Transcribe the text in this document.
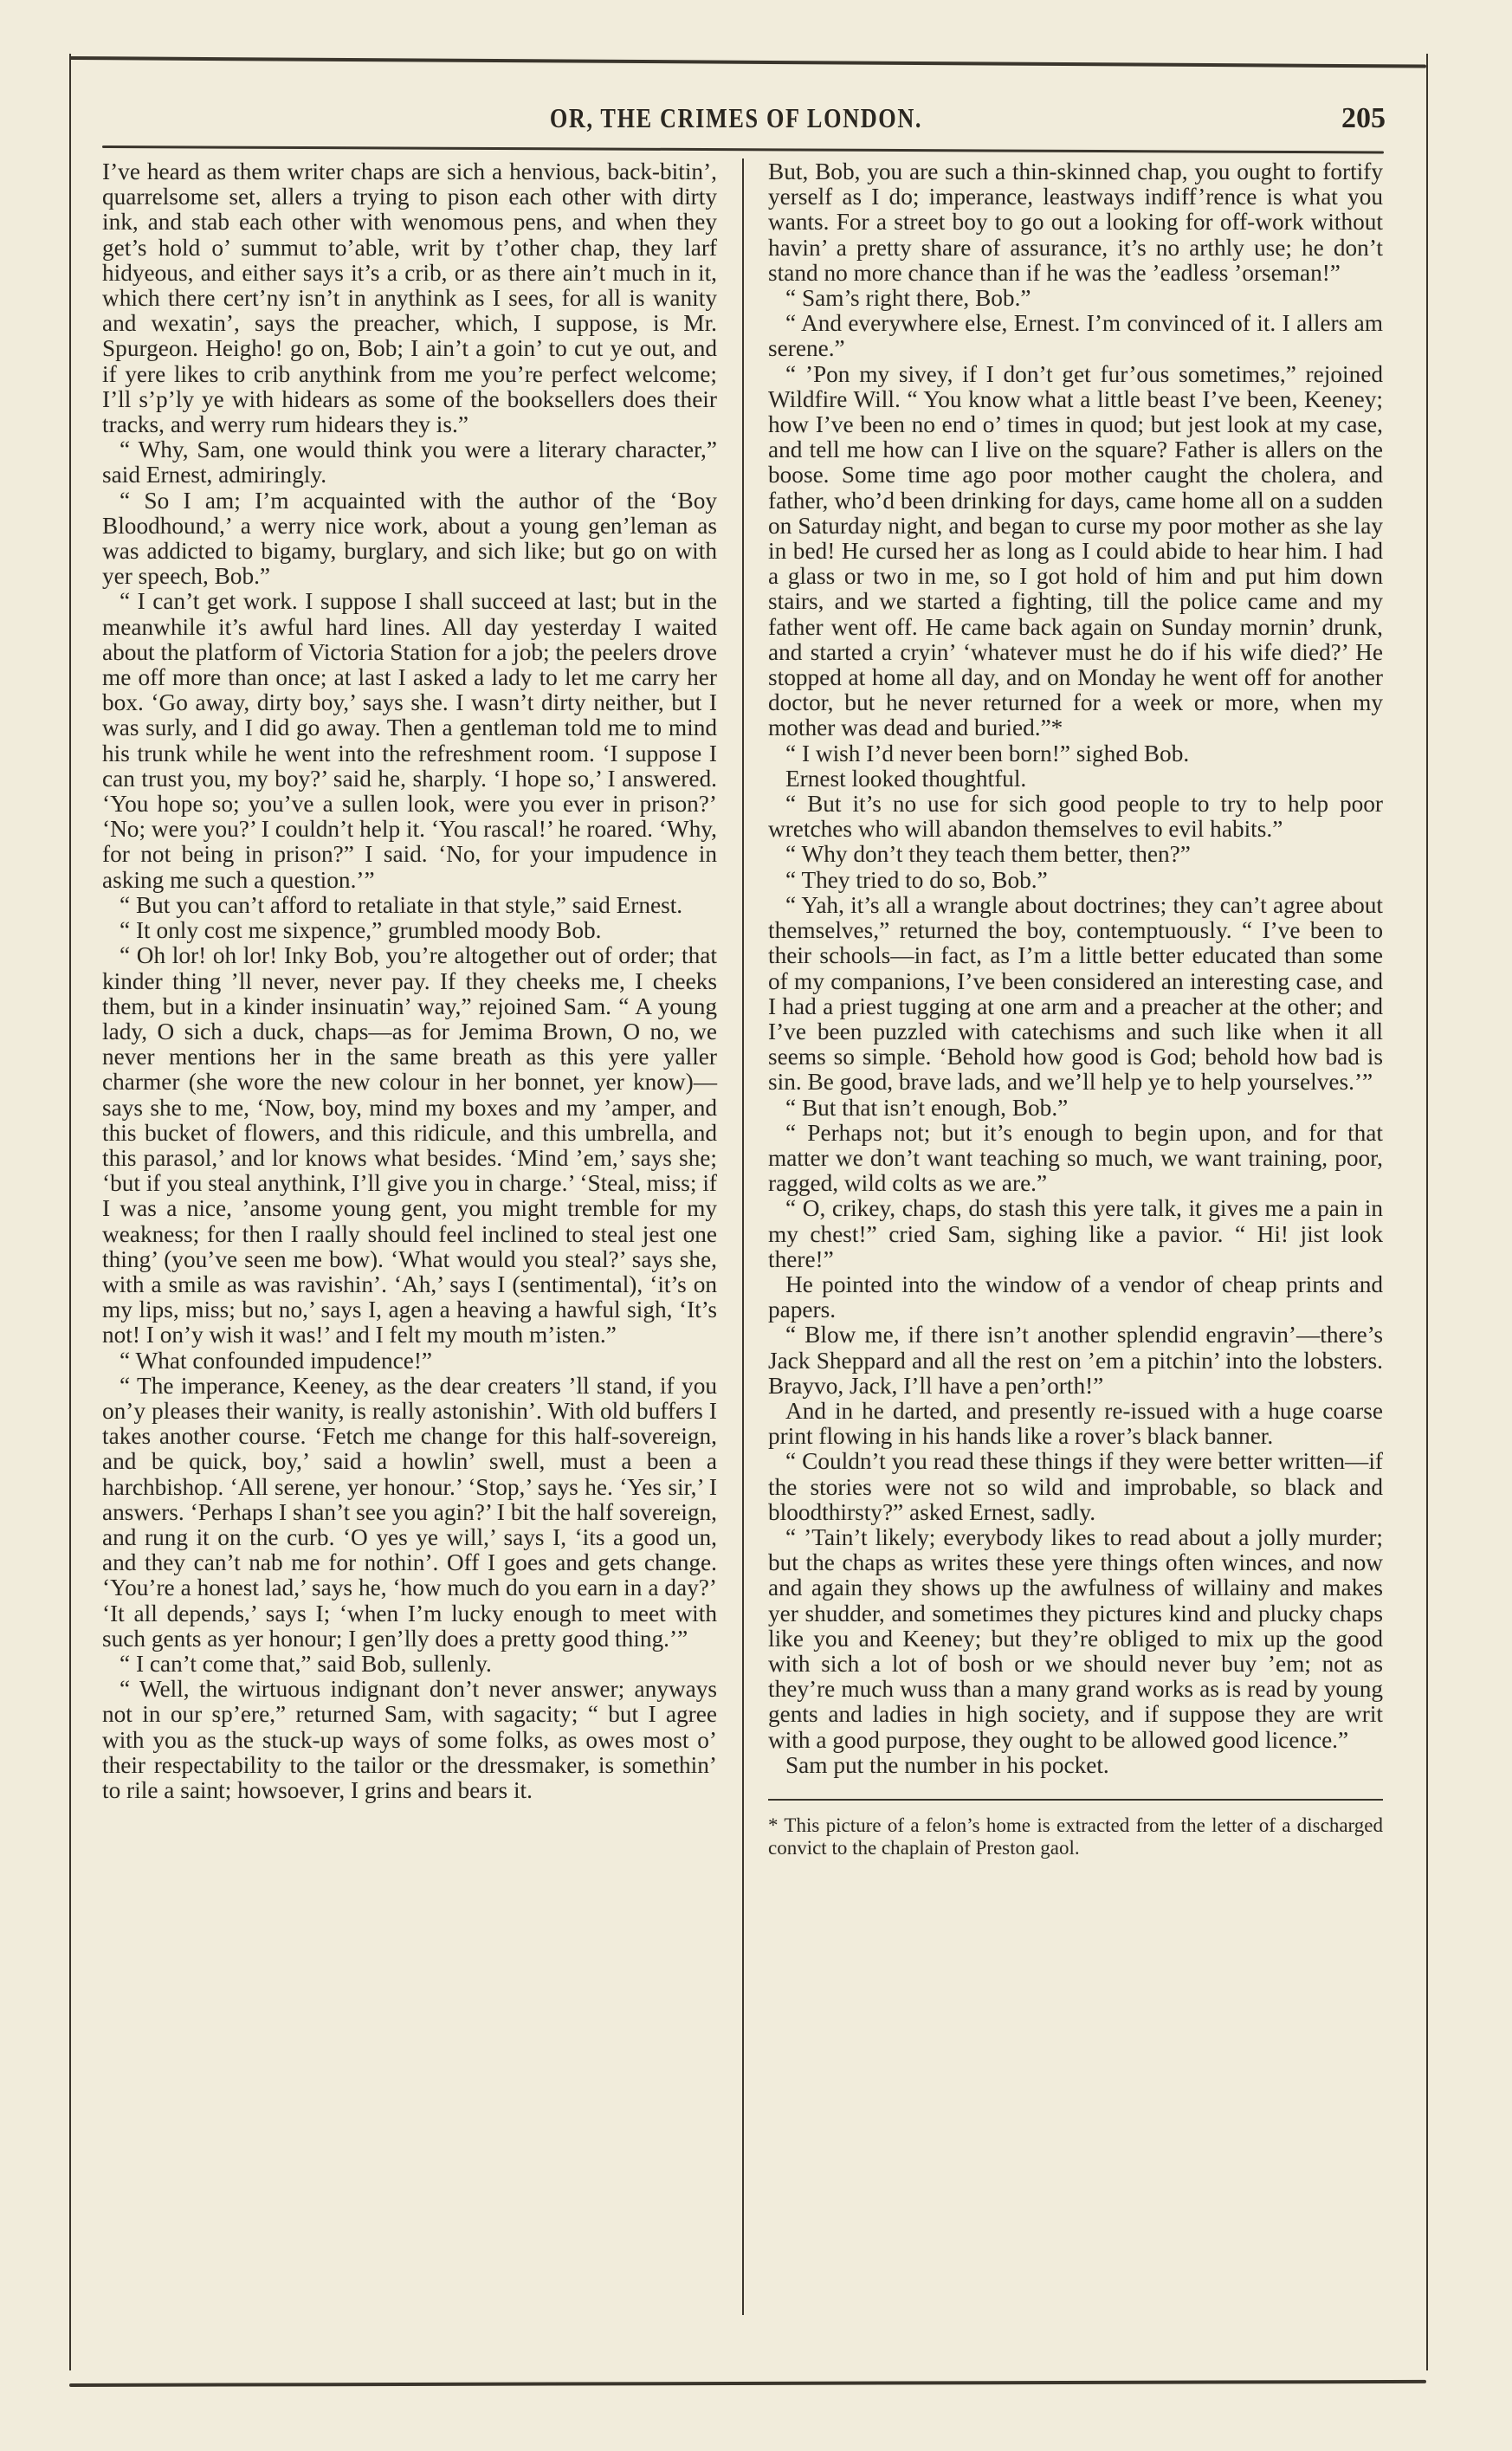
OR, THE CRIMES OF LONDON.	205

I’ve heard as them writer chaps are sich a henvious, back-bitin’, quarrelsome set, allers a trying to pison each other with dirty ink, and stab each other with wenomous pens, and when they get’s hold o’ summut to’able, writ by t’other chap, they larf hidyeous, and either says it’s a crib, or as there ain’t much in it, which there cert’ny isn’t in anythink as I sees, for all is wanity and wexatin’, says the preacher, which, I suppose, is Mr. Spurgeon. Heigho! go on, Bob; I ain’t a goin’ to cut ye out, and if yere likes to crib anythink from me you’re perfect welcome; I’ll s’p’ly ye with hidears as some of the booksellers does their tracks, and werry rum hidears they is.”

“ Why, Sam, one would think you were a literary character,” said Ernest, admiringly.

“ So I am; I’m acquainted with the author of the ‘Boy Bloodhound,’ a werry nice work, about a young gen’leman as was addicted to bigamy, burglary, and sich like; but go on with yer speech, Bob.”

“ I can’t get work. I suppose I shall succeed at last; but in the meanwhile it’s awful hard lines. All day yesterday I waited about the platform of Victoria Station for a job; the peelers drove me off more than once; at last I asked a lady to let me carry her box. ‘Go away, dirty boy,’ says she. I wasn’t dirty neither, but I was surly, and I did go away. Then a gentleman told me to mind his trunk while he went into the refreshment room. ‘I suppose I can trust you, my boy?’ said he, sharply. ‘I hope so,’ I answered. ‘You hope so; you’ve a sullen look, were you ever in prison?’ ‘No; were you?’ I couldn’t help it. ‘You rascal!’ he roared. ‘Why, for not being in prison?” I said. ‘No, for your impudence in asking me such a question.’”

“ But you can’t afford to retaliate in that style,” said Ernest.

“ It only cost me sixpence,” grumbled moody Bob.

“ Oh lor! oh lor! Inky Bob, you’re altogether out of order; that kinder thing ’ll never, never pay. If they cheeks me, I cheeks them, but in a kinder insinuatin’ way,” rejoined Sam. “ A young lady, O sich a duck, chaps—as for Jemima Brown, O no, we never mentions her in the same breath as this yere yaller charmer (she wore the new colour in her bonnet, yer know)—says she to me, ‘Now, boy, mind my boxes and my ’amper, and this bucket of flowers, and this ridicule, and this umbrella, and this parasol,’ and lor knows what besides. ‘Mind ’em,’ says she; ‘but if you steal anythink, I’ll give you in charge.’ ‘Steal, miss; if I was a nice, ’ansome young gent, you might tremble for my weakness; for then I raally should feel inclined to steal jest one thing’ (you’ve seen me bow). ‘What would you steal?’ says she, with a smile as was ravishin’. ‘Ah,’ says I (sentimental), ‘it’s on my lips, miss; but no,’ says I, agen a heaving a hawful sigh, ‘It’s not! I on’y wish it was!’ and I felt my mouth m’isten.”

“ What confounded impudence!”

“ The imperance, Keeney, as the dear creaters ’ll stand, if you on’y pleases their wanity, is really astonishin’. With old buffers I takes another course. ‘Fetch me change for this half-sovereign, and be quick, boy,’ said a howlin’ swell, must a been a harchbishop. ‘All serene, yer honour.’ ‘Stop,’ says he. ‘Yes sir,’ I answers. ‘Perhaps I shan’t see you agin?’ I bit the half sovereign, and rung it on the curb. ‘O yes ye will,’ says I, ‘its a good un, and they can’t nab me for nothin’. Off I goes and gets change. ‘You’re a honest lad,’ says he, ‘how much do you earn in a day?’ ‘It all depends,’ says I; ‘when I’m lucky enough to meet with such gents as yer honour; I gen’lly does a pretty good thing.’”

“ I can’t come that,” said Bob, sullenly.

“ Well, the wirtuous indignant don’t never answer; anyways not in our sp’ere,” returned Sam, with sagacity; “ but I agree with you as the stuck-up ways of some folks, as owes most o’ their respectability to the tailor or the dressmaker, is somethin’ to rile a saint; howsoever, I grins and bears it.

But, Bob, you are such a thin-skinned chap, you ought to fortify yerself as I do; imperance, leastways indiff’rence is what you wants. For a street boy to go out a looking for off-work without havin’ a pretty share of assurance, it’s no arthly use; he don’t stand no more chance than if he was the ’eadless ’orseman!”

“ Sam’s right there, Bob.”

“ And everywhere else, Ernest. I’m convinced of it. I allers am serene.”

“ ’Pon my sivey, if I don’t get fur’ous sometimes,” rejoined Wildfire Will. “ You know what a little beast I’ve been, Keeney; how I’ve been no end o’ times in quod; but jest look at my case, and tell me how can I live on the square? Father is allers on the boose. Some time ago poor mother caught the cholera, and father, who’d been drinking for days, came home all on a sudden on Saturday night, and began to curse my poor mother as she lay in bed! He cursed her as long as I could abide to hear him. I had a glass or two in me, so I got hold of him and put him down stairs, and we started a fighting, till the police came and my father went off. He came back again on Sunday mornin’ drunk, and started a cryin’ ‘whatever must he do if his wife died?’ He stopped at home all day, and on Monday he went off for another doctor, but he never returned for a week or more, when my mother was dead and buried.”*

“ I wish I’d never been born!” sighed Bob.

Ernest looked thoughtful.

“ But it’s no use for sich good people to try to help poor wretches who will abandon themselves to evil habits.”

“ Why don’t they teach them better, then?”

“ They tried to do so, Bob.”

“ Yah, it’s all a wrangle about doctrines; they can’t agree about themselves,” returned the boy, contemptuously. “ I’ve been to their schools—in fact, as I’m a little better educated than some of my companions, I’ve been considered an interesting case, and I had a priest tugging at one arm and a preacher at the other; and I’ve been puzzled with catechisms and such like when it all seems so simple. ‘Behold how good is God; behold how bad is sin. Be good, brave lads, and we’ll help ye to help yourselves.’”

“ But that isn’t enough, Bob.”

“ Perhaps not; but it’s enough to begin upon, and for that matter we don’t want teaching so much, we want training, poor, ragged, wild colts as we are.”

“ O, crikey, chaps, do stash this yere talk, it gives me a pain in my chest!” cried Sam, sighing like a pavior. “ Hi! jist look there!”

He pointed into the window of a vendor of cheap prints and papers.

“ Blow me, if there isn’t another splendid engravin’—there’s Jack Sheppard and all the rest on ’em a pitchin’ into the lobsters. Brayvo, Jack, I’ll have a pen’orth!”

And in he darted, and presently re-issued with a huge coarse print flowing in his hands like a rover’s black banner.

“ Couldn’t you read these things if they were better written—if the stories were not so wild and improbable, so black and bloodthirsty?” asked Ernest, sadly.

“ ’Tain’t likely; everybody likes to read about a jolly murder; but the chaps as writes these yere things often winces, and now and again they shows up the awfulness of willainy and makes yer shudder, and sometimes they pictures kind and plucky chaps like you and Keeney; but they’re obliged to mix up the good with sich a lot of bosh or we should never buy ’em; not as they’re much wuss than a many grand works as is read by young gents and ladies in high society, and if suppose they are writ with a good purpose, they ought to be allowed good licence.”

Sam put the number in his pocket.

* This picture of a felon’s home is extracted from the letter of a discharged convict to the chaplain of Preston gaol.
